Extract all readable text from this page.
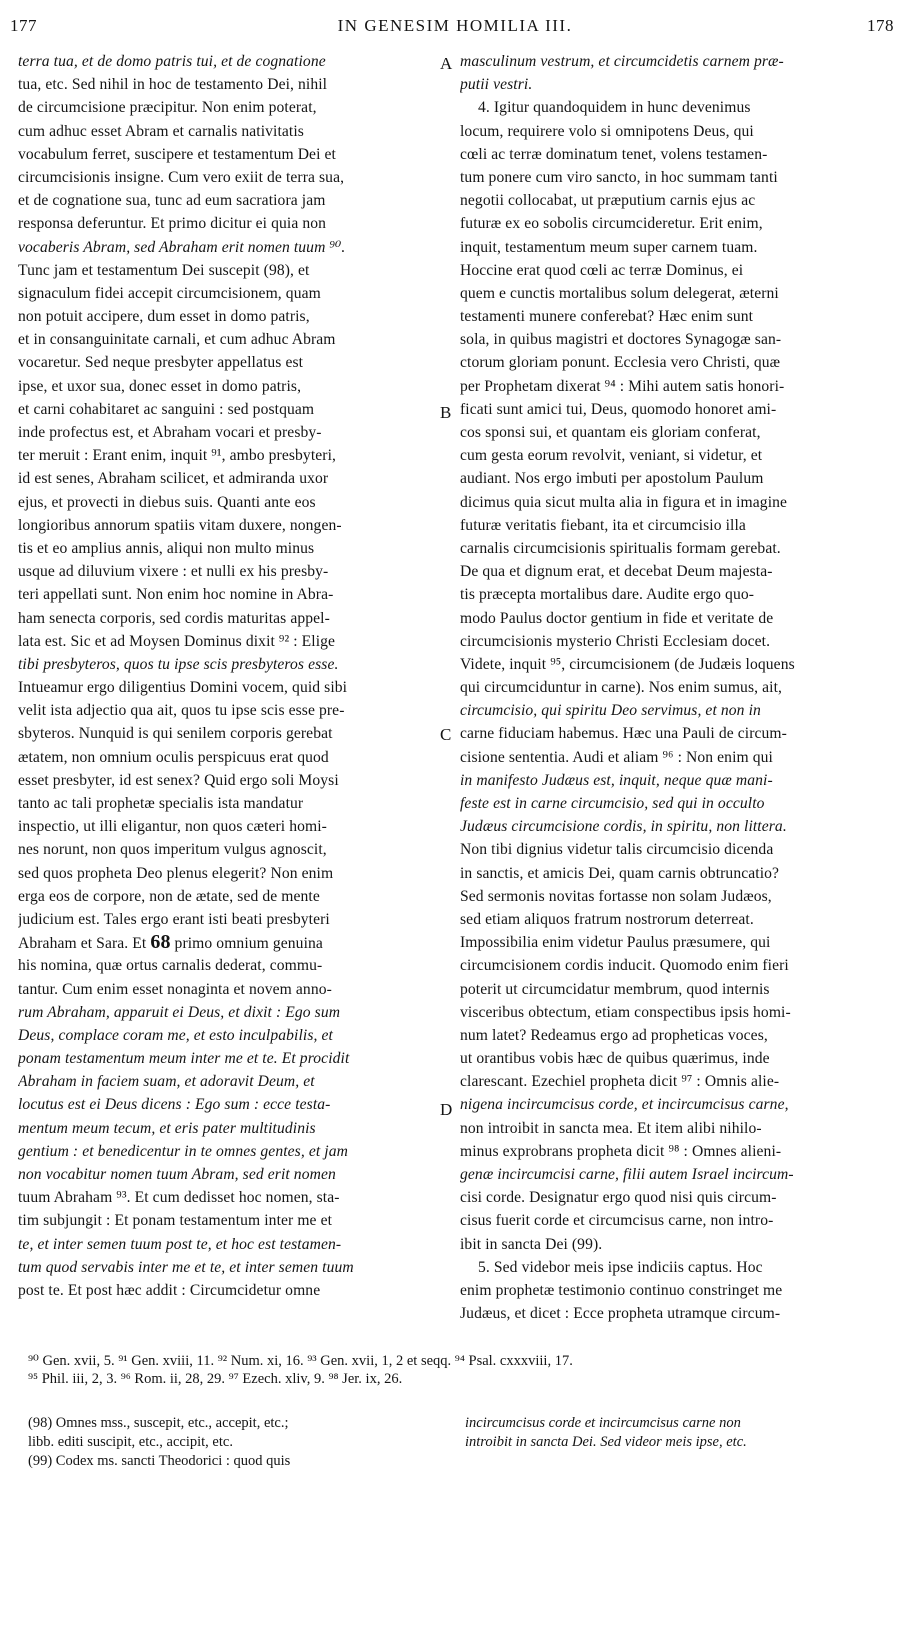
177	IN GENESIM HOMILIA III.	178
terra tua, et de domo patris tui, et de cognatione
tua, etc. Sed nihil in hoc de testamento Dei, nihil
de circumcisione præcipitur. Non enim poterat,
cum adhuc esset Abram et carnalis nativitatis
vocabulum ferret, suscipere et testamentum Dei et
circumcisionis insigne. Cum vero exiit de terra sua,
et de cognatione sua, tunc ad eum sacratiora jam
responsa deferuntur. Et primo dicitur ei quia non
vocaberis Abram, sed Abraham erit nomen tuum ⁹⁰.
Tunc jam et testamentum Dei suscepit (98), et
signaculum fidei accepit circumcisionem, quam
non potuit accipere, dum esset in domo patris,
et in consanguinitate carnali, et cum adhuc Abram
vocaretur. Sed neque presbyter appellatus est
ipse, et uxor sua, donec esset in domo patris,
et carni cohabitaret ac sanguini : sed postquam
inde profectus est, et Abraham vocari et presby-
ter meruit : Erant enim, inquit ⁹¹, ambo presbyteri,
id est senes, Abraham scilicet, et admiranda uxor
ejus, et provecti in diebus suis. Quanti ante eos
longioribus annorum spatiis vitam duxere, nongen-
tis et eo amplius annis, aliqui non multo minus
usque ad diluvium vixere : et nulli ex his presby-
teri appellati sunt. Non enim hoc nomine in Abra-
ham senecta corporis, sed cordis maturitas appel-
lata est. Sic et ad Moysen Dominus dixit ⁹² : Elige
tibi presbyteros, quos tu ipse scis presbyteros esse.
Intueamur ergo diligentius Domini vocem, quid sibi
velit ista adjectio qua ait, quos tu ipse scis esse pre-
sbyteros. Nunquid is qui senilem corporis gerebat
ætatem, non omnium oculis perspicuus erat quod
esset presbyter, id est senex? Quid ergo soli Moysi
tanto ac tali prophetæ specialis ista mandatur
inspectio, ut illi eligantur, non quos cæteri homi-
nes norunt, non quos imperitum vulgus agnoscit,
sed quos propheta Deo plenus elegerit? Non enim
erga eos de corpore, non de ætate, sed de mente
judicium est. Tales ergo erant isti beati presbyteri
Abraham et Sara. Et 68 primo omnium genuina
his nomina, quæ ortus carnalis dederat, commu-
tantur. Cum enim esset nonaginta et novem anno-
rum Abraham, apparuit ei Deus, et dixit : Ego sum
Deus, complace coram me, et esto inculpabilis, et
ponam testamentum meum inter me et te. Et procidit
Abraham in faciem suam, et adoravit Deum, et
locutus est ei Deus dicens : Ego sum : ecce testa-
mentum meum tecum, et eris pater multitudinis
gentium : et benedicentur in te omnes gentes, et jam
non vocabitur nomen tuum Abram, sed erit nomen
tuum Abraham ⁹³. Et cum dedisset hoc nomen, sta-
tim subjungit : Et ponam testamentum inter me et
te, et inter semen tuum post te, et hoc est testamen-
tum quod servabis inter me et te, et inter semen tuum
post te. Et post hæc addit : Circumcidetur omne
masculinum vestrum, et circumcidetis carnem præ-
putii vestri.
4. Igitur quandoquidem in hunc devenimus
locum, requirere volo si omnipotens Deus, qui
cœli ac terræ dominatum tenet, volens testamen-
tum ponere cum viro sancto, in hoc summam tanti
negotii collocabat, ut præputium carnis ejus ac
futuræ ex eo sobolis circumcideretur. Erit enim,
inquit, testamentum meum super carnem tuam.
Hoccine erat quod cœli ac terræ Dominus, ei
quem e cunctis mortalibus solum delegerat, æterni
testamenti munere conferebat? Hæc enim sunt
sola, in quibus magistri et doctores Synagogæ san-
ctorum gloriam ponunt. Ecclesia vero Christi, quæ
per Prophetam dixerat ⁹⁴ : Mihi autem satis honori-
ficati sunt amici tui, Deus, quomodo honoret ami-
cos sponsi sui, et quantam eis gloriam conferat,
cum gesta eorum revolvit, veniant, si videtur, et
audiant. Nos ergo imbuti per apostolum Paulum
dicimus quia sicut multa alia in figura et in imagine
futuræ veritatis fiebant, ita et circumcisio illa
carnalis circumcisionis spiritualis formam gerebat.
De qua et dignum erat, et decebat Deum majesta-
tis præcepta mortalibus dare. Audite ergo quo-
modo Paulus doctor gentium in fide et veritate de
circumcisionis mysterio Christi Ecclesiam docet.
Videte, inquit ⁹⁵, circumcisionem (de Judæis loquens
qui circumciduntur in carne). Nos enim sumus, ait,
circumcisio, qui spiritu Deo servimus, et non in
carne fiduciam habemus. Hæc una Pauli de circum-
cisione sententia. Audi et aliam ⁹⁶ : Non enim qui
in manifesto Judæus est, inquit, neque quæ mani-
feste est in carne circumcisio, sed qui in occulto
Judæus circumcisione cordis, in spiritu, non littera.
Non tibi dignius videtur talis circumcisio dicenda
in sanctis, et amicis Dei, quam carnis obtruncatio?
Sed sermonis novitas fortasse non solam Judæos,
sed etiam aliquos fratrum nostrorum deterreat.
Impossibilia enim videtur Paulus præsumere, qui
circumcisionem cordis inducit. Quomodo enim fieri
poterit ut circumcidatur membrum, quod internis
visceribus obtectum, etiam conspectibus ipsis homi-
num latet? Redeamus ergo ad propheticas voces,
ut orantibus vobis hæc de quibus quærimus, inde
clarescant. Ezechiel propheta dicit ⁹⁷ : Omnis alie-
nigena incircumcisus corde, et incircumcisus carne,
non introibit in sancta mea. Et item alibi nihilo-
minus exprobrans propheta dicit ⁹⁸ : Omnes alieni-
genæ incircumcisi carne, filii autem Israel incircum-
cisi corde. Designatur ergo quod nisi quis circum-
cisus fuerit corde et circumcisus carne, non intro-
ibit in sancta Dei (99).
5. Sed videbor meis ipse indiciis captus. Hoc
enim prophetæ testimonio continuo constringet me
Judæus, et dicet : Ecce propheta utramque circum-
A
B
C
D
⁹⁰ Gen. xvii, 5. ⁹¹ Gen. xviii, 11. ⁹² Num. xi, 16. ⁹³ Gen. xvii, 1, 2 et seqq. ⁹⁴ Psal. cxxxviii, 17.
⁹⁵ Phil. iii, 2, 3. ⁹⁶ Rom. ii, 28, 29. ⁹⁷ Ezech. xliv, 9. ⁹⁸ Jer. ix, 26.
(98) Omnes mss., suscepit, etc., accepit, etc.;
libb. editi suscipit, etc., accipit, etc.
(99) Codex ms. sancti Theodorici : quod quis
incircumcisus corde et incircumcisus carne non
introibit in sancta Dei. Sed videor meis ipse, etc.
